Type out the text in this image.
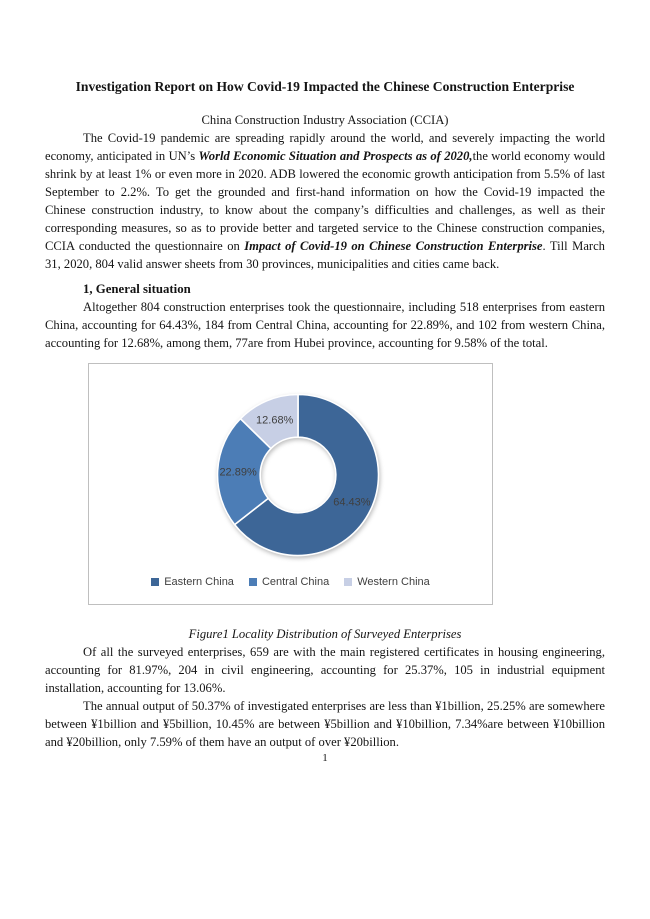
Investigation Report on How Covid-19 Impacted the Chinese Construction Enterprise
China Construction Industry Association (CCIA)

The Covid-19 pandemic are spreading rapidly around the world, and severely impacting the world economy, anticipated in UN’s World Economic Situation and Prospects as of 2020,the world economy would shrink by at least 1% or even more in 2020. ADB lowered the economic growth anticipation from 5.5% of last September to 2.2%. To get the grounded and first-hand information on how the Covid-19 impacted the Chinese construction industry, to know about the company’s difficulties and challenges, as well as their corresponding measures, so as to provide better and targeted service to the Chinese construction companies, CCIA conducted the questionnaire on Impact of Covid-19 on Chinese Construction Enterprise. Till March 31, 2020, 804 valid answer sheets from 30 provinces, municipalities and cities came back.

1, General situation

Altogether 804 construction enterprises took the questionnaire, including 518 enterprises from eastern China, accounting for 64.43%, 184 from Central China, accounting for 22.89%, and 102 from western China, accounting for 12.68%, among them, 77are from Hubei province, accounting for 9.58% of the total.

64.43%
22.89%
12.68%
Eastern China	Central China	Western China
Figure1 Locality Distribution of Surveyed Enterprises

Of all the surveyed enterprises, 659 are with the main registered certificates in housing engineering, accounting for 81.97%, 204 in civil engineering, accounting for 25.37%, 105 in industrial equipment installation, accounting for 13.06%.

The annual output of 50.37% of investigated enterprises are less than ¥1billion, 25.25% are somewhere between ¥1billion and ¥5billion, 10.45% are between ¥5billion and ¥10billion, 7.34%are between ¥10billion and ¥20billion, only 7.59% of them have an output of over ¥20billion.

1
